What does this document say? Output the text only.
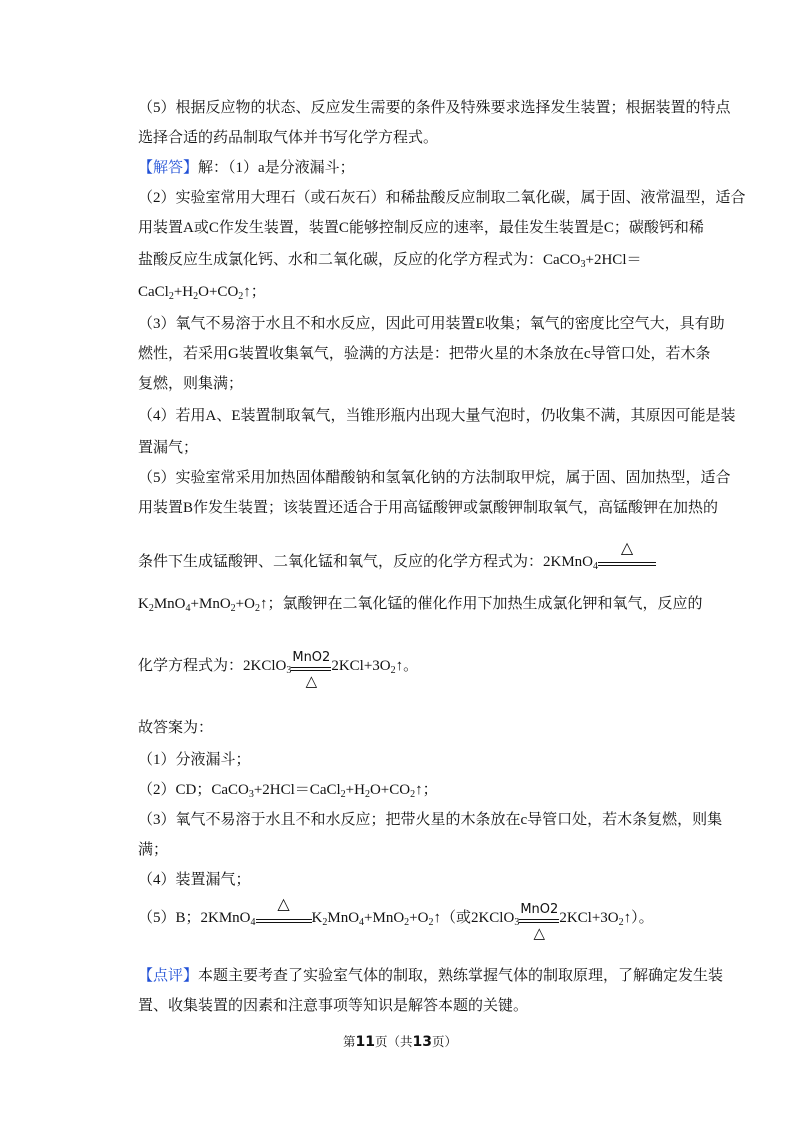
（5）根据反应物的状态、反应发生需要的条件及特殊要求选择发生装置；根据装置的特点
选择合适的药品制取气体并书写化学方程式。
【解答】解：（1）a是分液漏斗；
（2）实验室常用大理石（或石灰石）和稀盐酸反应制取二氧化碳，属于固、液常温型，适合
用装置A或C作发生装置，装置C能够控制反应的速率，最佳发生装置是C；碳酸钙和稀
盐酸反应生成氯化钙、水和二氧化碳，反应的化学方程式为：CaCO$_3$+2HCl＝
$CaCl_2+H_2O+CO_2↑$；
（3）氧气不易溶于水且不和水反应，因此可用装置E收集；氧气的密度比空气大，具有助
燃性，若采用G装置收集氧气，验满的方法是：把带火星的木条放在c导管口处，若木条
复燃，则集满；
（4）若用A、E装置制取氧气，当锥形瓶内出现大量气泡时，仍收集不满，其原因可能是装
置漏气；
（5）实验室常采用加热固体醋酸钠和氢氧化钠的方法制取甲烷，属于固、固加热型，适合
用装置B作发生装置；该装置还适合于用高锰酸钾或氯酸钾制取氧气，高锰酸钾在加热的
条件下生成锰酸钾、二氧化锰和氧气，反应的化学方程式为：2KMnO$_4$
△
$K_2MnO_4+MnO_2+O_2↑$；氯酸钾在二氧化锰的催化作用下加热生成氯化钾和氧气，反应的
化学方程式为：2KClO$_3$
MnO2
△
$2KCl+3O_2↑$。
故答案为：
（1）分液漏斗；
（2）CD；$CaCO_3+2HCl=CaCl_2+H_2O+CO_2↑$；
（3）氧气不易溶于水且不和水反应；把带火星的木条放在c导管口处，若木条复燃，则集
满；
（4）装置漏气；
（5）B；2KMnO$_4$
△
$K_2MnO_4+MnO_2+O_2↑$（或2KClO$_3$
MnO2
△
$2KCl+3O_2↑$）。
【点评】本题主要考查了实验室气体的制取，熟练掌握气体的制取原理，了解确定发生装
置、收集装置的因素和注意事项等知识是解答本题的关键。
第11页（共13页）
